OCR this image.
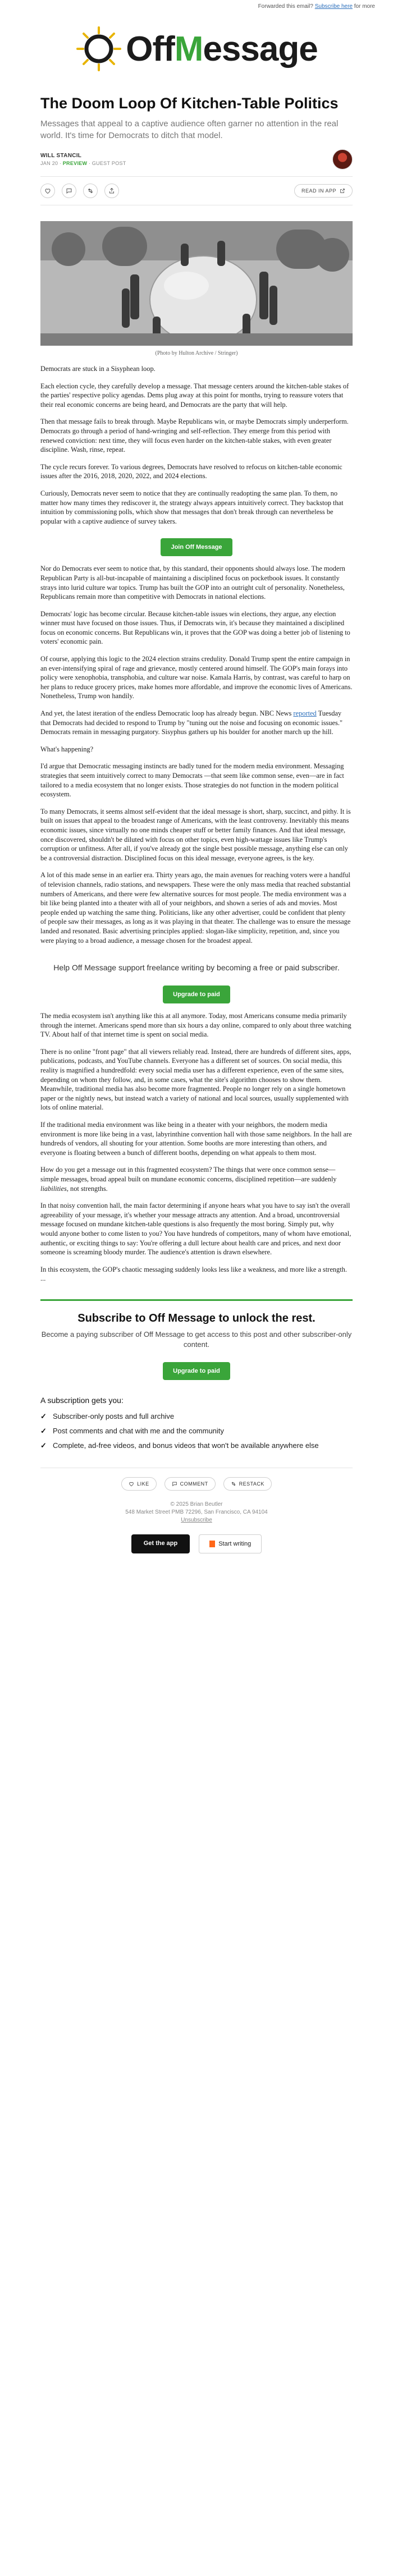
Forwarded this email? Subscribe here for more
OffMessage
The Doom Loop Of Kitchen-Table Politics
Messages that appeal to a captive audience often garner no attention in the real world. It's time for Democrats to ditch that model.
WILL STANCIL
JAN 20 ∙ PREVIEW ∙ GUEST POST
READ IN APP
(Photo by Hulton Archive / Stringer)

Democrats are stuck in a Sisyphean loop.

Each election cycle, they carefully develop a message. That message centers around the kitchen-table stakes of the parties' respective policy agendas. Dems plug away at this point for months, trying to reassure voters that their real economic concerns are being heard, and Democrats are the party that will help.

Then that message fails to break through. Maybe Republicans win, or maybe Democrats simply underperform. Democrats go through a period of hand-wringing and self-reflection. They emerge from this period with renewed conviction: next time, they will focus even harder on the kitchen-table stakes, with even greater discipline. Wash, rinse, repeat.

The cycle recurs forever. To various degrees, Democrats have resolved to refocus on kitchen-table economic issues after the 2016, 2018, 2020, 2022, and 2024 elections.

Curiously, Democrats never seem to notice that they are continually readopting the same plan. To them, no matter how many times they rediscover it, the strategy always appears intuitively correct. They backstop that intuition by commissioning polls, which show that messages that don't break through can nevertheless be popular with a captive audience of survey takers.

Join Off Message

Nor do Democrats ever seem to notice that, by this standard, their opponents should always lose. The modern Republican Party is all-but-incapable of maintaining a disciplined focus on pocketbook issues. It constantly strays into lurid culture war topics. Trump has built the GOP into an outright cult of personality. Nonetheless, Republicans remain more than competitive with Democrats in national elections.

Democrats' logic has become circular. Because kitchen-table issues win elections, they argue, any election winner must have focused on those issues. Thus, if Democrats win, it's because they maintained a disciplined focus on economic concerns. But Republicans win, it proves that the GOP was doing a better job of listening to voters' economic pain.

Of course, applying this logic to the 2024 election strains credulity. Donald Trump spent the entire campaign in an ever-intensifying spiral of rage and grievance, mostly centered around himself. The GOP's main forays into policy were xenophobia, transphobia, and culture war noise. Kamala Harris, by contrast, was careful to harp on her plans to reduce grocery prices, make homes more affordable, and improve the economic lives of Americans. Nonetheless, Trump won handily.

And yet, the latest iteration of the endless Democratic loop has already begun. NBC News reported Tuesday that Democrats had decided to respond to Trump by "tuning out the noise and focusing on economic issues." Democrats remain in messaging purgatory. Sisyphus gathers up his boulder for another march up the hill.

What's happening?

I'd argue that Democratic messaging instincts are badly tuned for the modern media environment. Messaging strategies that seem intuitively correct to many Democrats —that seem like common sense, even—are in fact tailored to a media ecosystem that no longer exists. Those strategies do not function in the modern political ecosystem.

To many Democrats, it seems almost self-evident that the ideal message is short, sharp, succinct, and pithy. It is built on issues that appeal to the broadest range of Americans, with the least controversy. Inevitably this means economic issues, since virtually no one minds cheaper stuff or better family finances. And that ideal message, once discovered, shouldn't be diluted with focus on other topics, even high-wattage issues like Trump's corruption or unfitness. After all, if you've already got the single best possible message, anything else can only be a controversial distraction. Disciplined focus on this ideal message, everyone agrees, is the key.

A lot of this made sense in an earlier era. Thirty years ago, the main avenues for reaching voters were a handful of television channels, radio stations, and newspapers. These were the only mass media that reached substantial numbers of Americans, and there were few alternative sources for most people. The media environment was a bit like being planted into a theater with all of your neighbors, and shown a series of ads and movies. Most people ended up watching the same thing. Politicians, like any other advertiser, could be confident that plenty of people saw their messages, as long as it was playing in that theater. The challenge was to ensure the message landed and resonated. Basic advertising principles applied: slogan-like simplicity, repetition, and, since you were playing to a broad audience, a message chosen for the broadest appeal.

Help Off Message support freelance writing by becoming a free or paid subscriber.
Upgrade to paid

The media ecosystem isn't anything like this at all anymore. Today, most Americans consume media primarily through the internet. Americans spend more than six hours a day online, compared to only about three watching TV. About half of that internet time is spent on social media.

There is no online "front page" that all viewers reliably read. Instead, there are hundreds of different sites, apps, publications, podcasts, and YouTube channels. Everyone has a different set of sources. On social media, this reality is magnified a hundredfold: every social media user has a different experience, even of the same sites, depending on whom they follow, and, in some cases, what the site's algorithm chooses to show them. Meanwhile, traditional media has also become more fragmented. People no longer rely on a single hometown paper or the nightly news, but instead watch a variety of national and local sources, usually supplemented with lots of online material.

If the traditional media environment was like being in a theater with your neighbors, the modern media environment is more like being in a vast, labyrinthine convention hall with those same neighbors. In the hall are hundreds of vendors, all shouting for your attention. Some booths are more interesting than others, and everyone is floating between a bunch of different booths, depending on what appeals to them most.

How do you get a message out in this fragmented ecosystem? The things that were once common sense—simple messages, broad appeal built on mundane economic concerns, disciplined repetition—are suddenly liabilities, not strengths.

In that noisy convention hall, the main factor determining if anyone hears what you have to say isn't the overall agreeability of your message, it's whether your message attracts any attention. And a broad, uncontroversial message focused on mundane kitchen-table questions is also frequently the most boring. Simply put, why would anyone bother to come listen to you? You have hundreds of competitors, many of whom have emotional, authentic, or exciting things to say: You're offering a dull lecture about health care and prices, and next door someone is screaming bloody murder. The audience's attention is drawn elsewhere.

In this ecosystem, the GOP's chaotic messaging suddenly looks less like a weakness, and more like a strength. ...

Subscribe to Off Message to unlock the rest.
Become a paying subscriber of Off Message to get access to this post and other subscriber-only content.
Upgrade to paid
A subscription gets you:
✓ Subscriber-only posts and full archive
✓ Post comments and chat with me and the community
✓ Complete, ad-free videos, and bonus videos that won't be available anywhere else
LIKE	COMMENT	RESTACK
© 2025 Brian Beutler
548 Market Street PMB 72296, San Francisco, CA 94104
Unsubscribe
Get the app	Start writing
